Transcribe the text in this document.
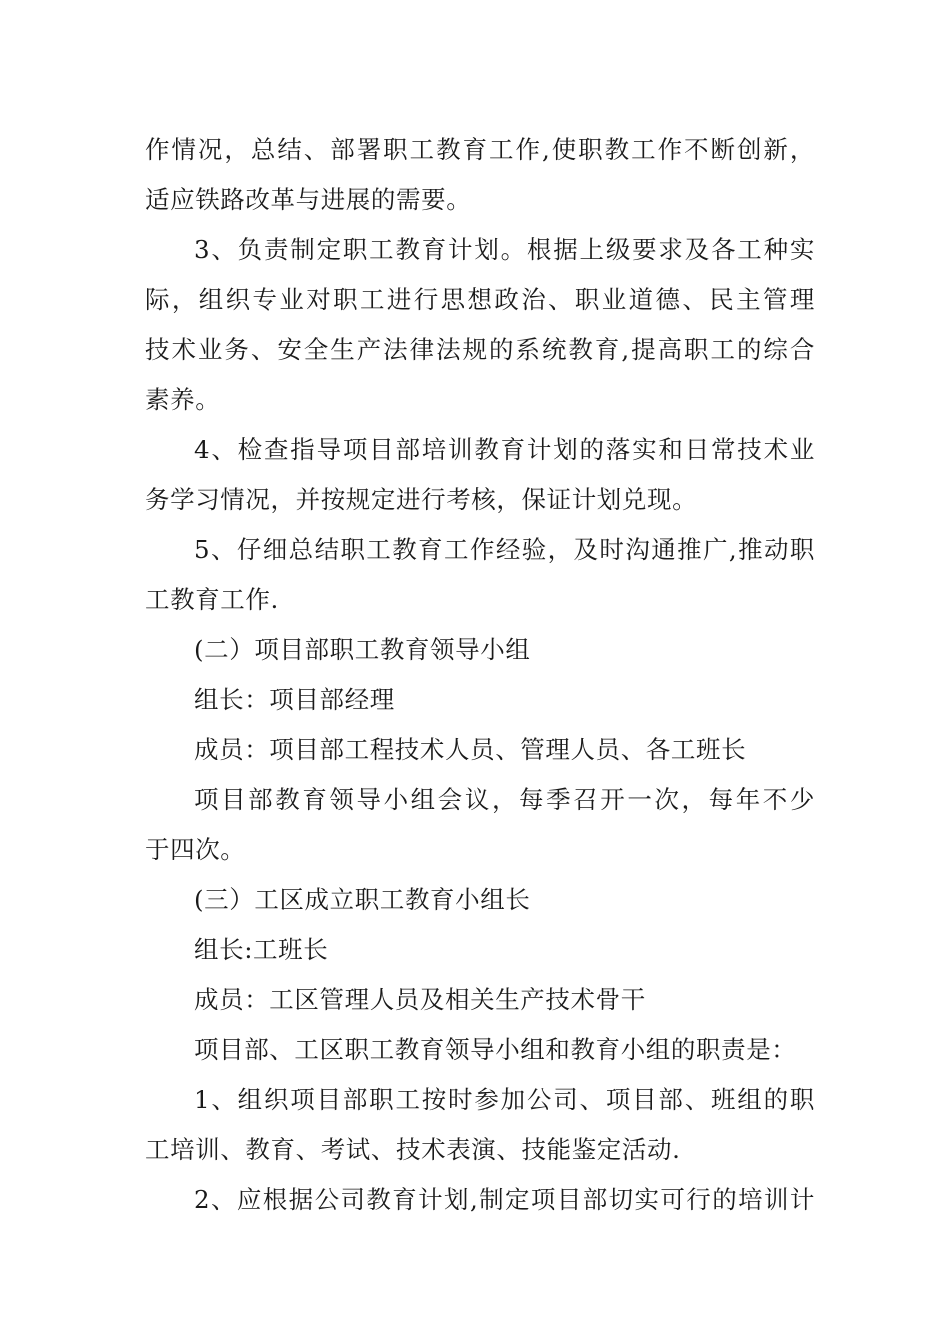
作情况，总结、部署职工教育工作,使职教工作不断创新，
适应铁路改革与进展的需要。
3、负责制定职工教育计划。根据上级要求及各工种实
际，组织专业对职工进行思想政治、职业道德、民主管理
技术业务、安全生产法律法规的系统教育,提高职工的综合
素养。
4、检查指导项目部培训教育计划的落实和日常技术业
务学习情况，并按规定进行考核，保证计划兑现。
5、仔细总结职工教育工作经验，及时沟通推广,推动职
工教育工作.
(二）项目部职工教育领导小组
组长：项目部经理
成员：项目部工程技术人员、管理人员、各工班长
项目部教育领导小组会议，每季召开一次，每年不少
于四次。
(三）工区成立职工教育小组长
组长:工班长
成员：工区管理人员及相关生产技术骨干
项目部、工区职工教育领导小组和教育小组的职责是：
1、组织项目部职工按时参加公司、项目部、班组的职
工培训、教育、考试、技术表演、技能鉴定活动.
2、应根据公司教育计划,制定项目部切实可行的培训计
